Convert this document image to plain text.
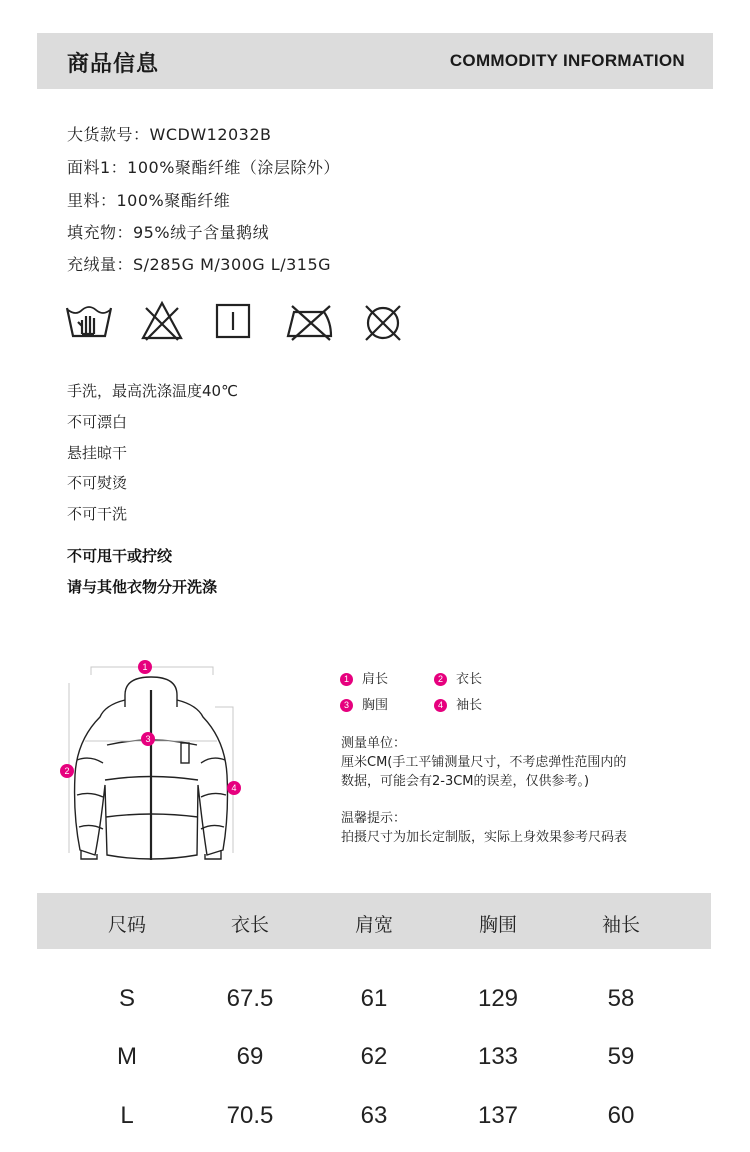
商品信息	COMMODITY INFORMATION
大货款号：WCDW12032B
面料1：100%聚酯纤维（涂层除外）
里料：100%聚酯纤维
填充物：95%绒子含量鹅绒
充绒量：S/285G M/300G L/315G
手洗，最高洗涤温度40℃
不可漂白
悬挂晾干
不可熨烫
不可干洗
不可甩干或拧绞
请与其他衣物分开洗涤
1
2
3
4
1 肩长	2 衣长
3 胸围	4 袖长
测量单位：
厘米CM(手工平铺测量尺寸，不考虑弹性范围内的
数据，可能会有2-3CM的误差，仅供参考。)
温馨提示：
拍摄尺寸为加长定制版，实际上身效果参考尺码表
尺码	衣长	肩宽	胸围	袖长
S	67.5	61	129	58
M	69	62	133	59
L	70.5	63	137	60
